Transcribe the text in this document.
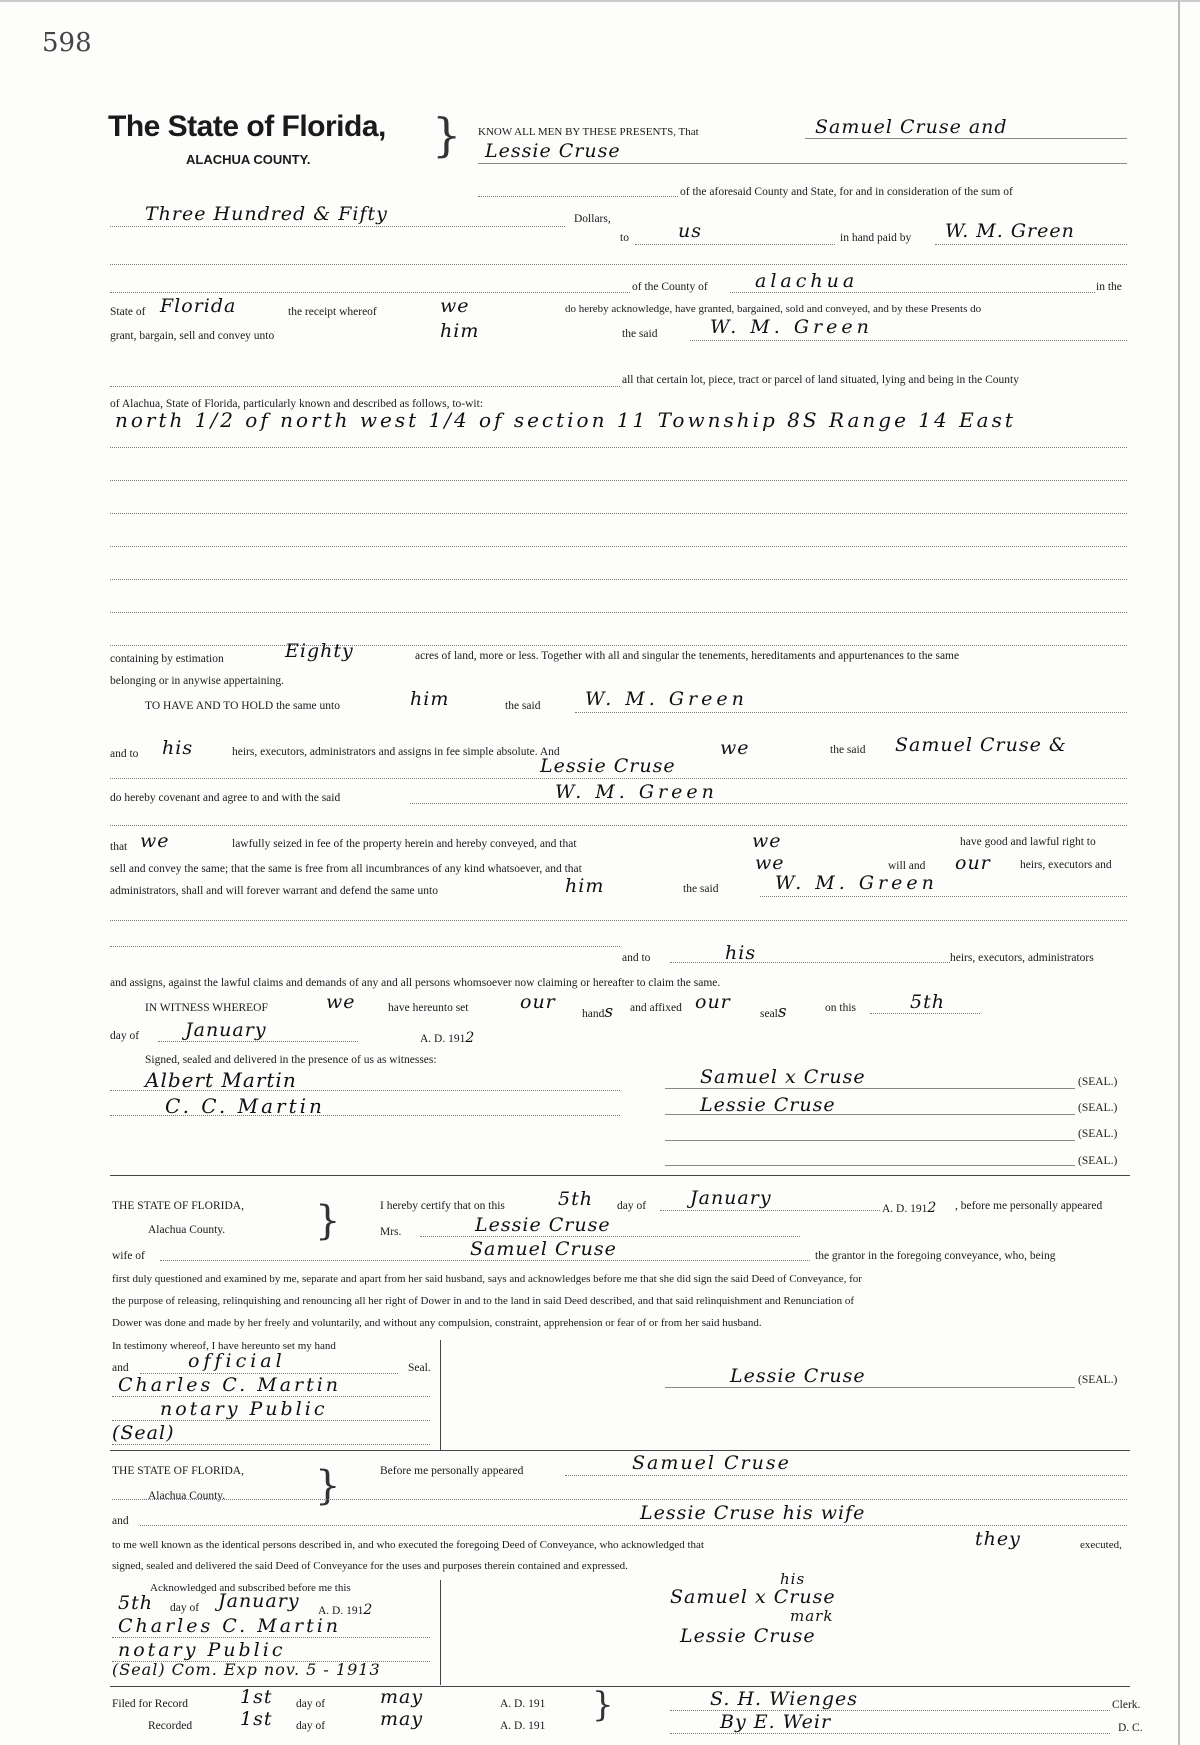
598
The State of Florida,
ALACHUA COUNTY.	} KNOW ALL MEN BY THESE PRESENTS, That	Samuel Cruse and
Lessie Cruse
of the aforesaid County and State, for and in consideration of the sum of
Three Hundred & Fifty	Dollars,
to	us	in hand paid by W. M. Green
of the County of alachua	in the
State of Florida	the receipt whereof	we	do hereby acknowledge, have granted, bargained, sold and conveyed, and by these Presents do
grant, bargain, sell and convey unto	him	the said	W. M. Green
all that certain lot, piece, tract or parcel of land situated, lying and being in the County
of Alachua, State of Florida, particularly known and described as follows, to-wit:
north 1/2 of north west 1/4 of section 11 Township 8S Range 14 East
containing by estimation	Eighty	acres of land, more or less. Together with all and singular the tenements, hereditaments and appurtenances to the same
belonging or in anywise appertaining.
TO HAVE AND TO HOLD the same unto	him	the said W. M. Green
and to his	heirs, executors, administrators and assigns in fee simple absolute. And	we	the said Samuel Cruse &
Lessie Cruse
do hereby covenant and agree to and with the said	W. M. Green
that we	lawfully seized in fee of the property herein and hereby conveyed, and that	we	have good and lawful right to
sell and convey the same; that the same is free from all incumbrances of any kind whatsoever, and that	we	will and our	heirs, executors and
administrators, shall and will forever warrant and defend the same unto	him	the said	W. M. Green
and to	his	heirs, executors, administrators
and assigns, against the lawful claims and demands of any and all persons whomsoever now claiming or hereafter to claim the same.
IN WITNESS WHEREOF	we	have hereunto set	our
hands and affixed our
seals	on this	5th
day of January	A. D. 1912
Signed, sealed and delivered in the presence of us as witnesses:
Albert Martin
C. C. Martin
Samuel x Cruse	(SEAL.)
Lessie Cruse	(SEAL.)
(SEAL.)
(SEAL.)
THE STATE OF FLORIDA,
Alachua County. }	I hereby certify that on this	5th day of January	A. D. 1912 , before me personally appeared
Mrs.	Lessie Cruse
wife of	Samuel Cruse	the grantor in the foregoing conveyance, who, being
first duly questioned and examined by me, separate and apart from her said husband, says and acknowledges before me that she did sign the said Deed of Conveyance, for
the purpose of releasing, relinquishing and renouncing all her right of Dower in and to the land in said Deed described, and that said relinquishment and Renunciation of
Dower was done and made by her freely and voluntarily, and without any compulsion, constraint, apprehension or fear of or from her said husband.
In testimony whereof, I have hereunto set my hand
and	official	Seal.
Charles C. Martin
notary Public
(Seal)
Lessie Cruse	(SEAL.)
THE STATE OF FLORIDA,
Alachua County. }	Before me personally appeared	Samuel Cruse
and	Lessie Cruse his wife
to me well known as the identical persons described in, and who executed the foregoing Deed of Conveyance, who acknowledged that	they	executed,
signed, sealed and delivered the said Deed of Conveyance for the uses and purposes therein contained and expressed.
Acknowledged and subscribed before me this
5th day of January A. D. 1912
Charles C. Martin
notary Public
(Seal) Com. Exp nov. 5 - 1913
his
Samuel x Cruse
mark
Lessie Cruse
Filed for Record	1st day of	may	A. D. 191
Recorded	1st day of	may	A. D. 191
}	S. H. Wienges	Clerk.
By E. Weir	D. C.
